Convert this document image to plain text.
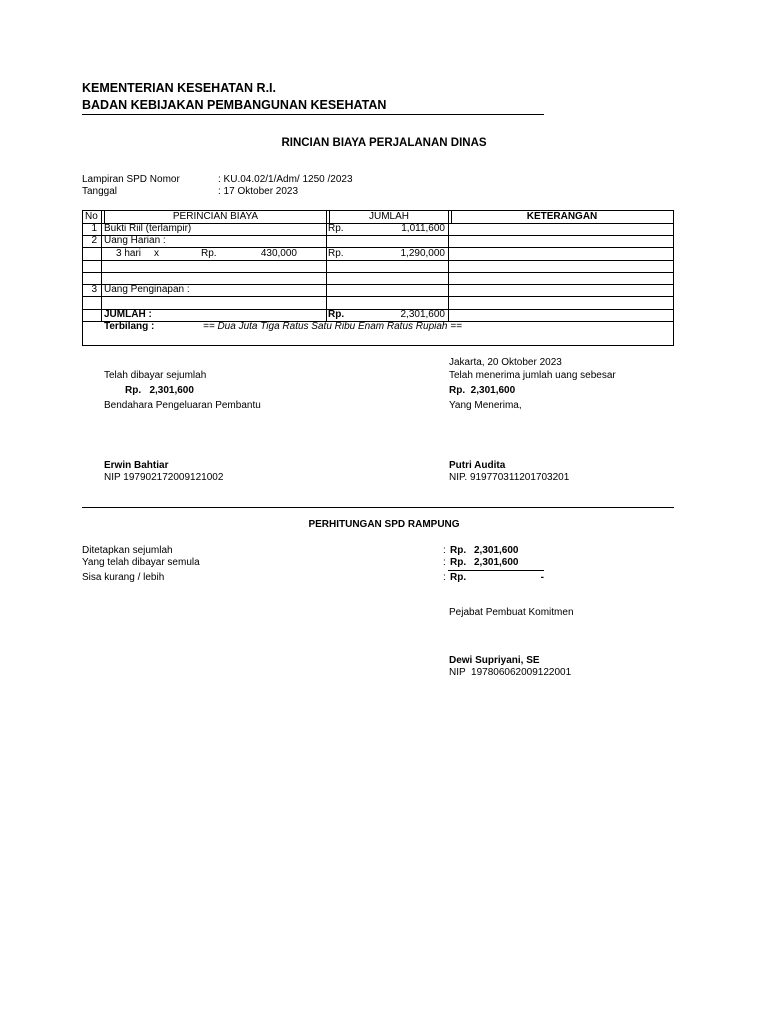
KEMENTERIAN KESEHATAN R.I.
BADAN KEBIJAKAN PEMBANGUNAN KESEHATAN
RINCIAN BIAYA PERJALANAN DINAS
Lampiran SPD Nomor	: KU.04.02/1/Adm/ 1250 /2023
Tanggal	: 17 Oktober 2023
No	PERINCIAN BIAYA	JUMLAH	KETERANGAN
1 Bukti Riil (terlampir)	Rp.	1,011,600
2 Uang Harian :
3 hari x	Rp.	430,000	Rp.	1,290,000
3 Uang Penginapan :
JUMLAH :	Rp.	2,301,600
Terbilang :	== Dua Juta Tiga Ratus Satu Ribu Enam Ratus Rupiah ==
Jakarta, 20 Oktober 2023
Telah dibayar sejumlah
Rp.   2,301,600
Bendahara Pengeluaran Pembantu
Erwin Bahtiar
NIP 197902172009121002
Telah menerima jumlah uang sebesar
Rp.  2,301,600
Yang Menerima,
Putri Audita
NIP. 919770311201703201
PERHITUNGAN SPD RAMPUNG
Ditetapkan sejumlah	: Rp. 2,301,600
Yang telah dibayar semula	: Rp. 2,301,600
Sisa kurang / lebih	: Rp.	-
Pejabat Pembuat Komitmen
Dewi Supriyani, SE
NIP  197806062009122001
